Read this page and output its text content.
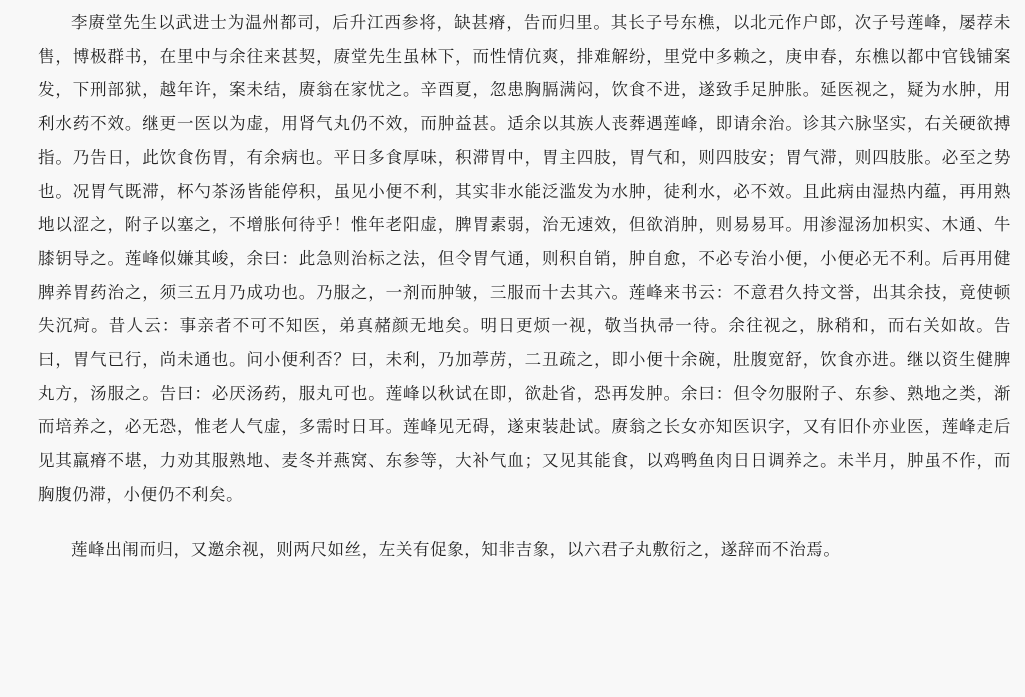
李赓堂先生以武进士为温州都司，后升江西参将，缺甚瘠，告而归里。其长子号东樵，以北元作户郎，次子号莲峰，屡荐未售，博极群书，在里中与余往来甚契，赓堂先生虽林下，而性情伉爽，排难解纷，里党中多赖之，庚申春，东樵以都中官钱铺案发，下刑部狱，越年许，案未结，赓翁在家忧之。辛酉夏，忽患胸膈满闷，饮食不进，遂致手足肿胀。延医视之，疑为水肿，用利水药不效。继更一医以为虚，用肾气丸仍不效，而肿益甚。适余以其族人丧葬遇莲峰，即请余治。诊其六脉坚实，右关硬欲搏指。乃告日，此饮食伤胃，有余病也。平日多食厚味，积滞胃中，胃主四肢，胃气和，则四肢安；胃气滞，则四肢胀。必至之势也。况胃气既滞，杯勺茶汤皆能停积，虽见小便不利，其实非水能泛滥发为水肿，徒利水，必不效。且此病由湿热内蕴，再用熟地以涩之，附子以塞之，不增胀何待乎！惟年老阳虚，脾胃素弱，治无速效，但欲消肿，则易易耳。用渗湿汤加枳实、木通、牛膝钥导之。莲峰似嫌其峻，余曰：此急则治标之法，但令胃气通，则积自销，肿自愈，不必专治小便，小便必无不利。后再用健脾养胃药治之，须三五月乃成功也。乃服之，一剂而肿皱，三服而十去其六。莲峰来书云：不意君久持文誉，出其余技，竟使顿失沉疴。昔人云：事亲者不可不知医，弟真赭颜无地矣。明日更烦一视，敬当执帚一待。余往视之，脉稍和，而右关如故。告曰，胃气已行，尚未通也。问小便利否？曰，未利，乃加葶苈，二丑疏之，即小便十余碗，肚腹宽舒，饮食亦进。继以资生健脾丸方，汤服之。告曰：必厌汤药，服丸可也。莲峰以秋试在即，欲赴省，恐再发肿。余曰：但令勿服附子、东参、熟地之类，渐而培养之，必无恐，惟老人气虚，多需时日耳。莲峰见无碍，遂束装赴试。赓翁之长女亦知医识字，又有旧仆亦业医，莲峰走后见其羸瘠不堪，力劝其服熟地、麦冬并燕窝、东参等，大补气血；又见其能食，以鸡鸭鱼肉日日调养之。未半月，肿虽不作，而胸腹仍滞，小便仍不利矣。

莲峰出闱而归，又邀余视，则两尺如丝，左关有促象，知非吉象，以六君子丸敷衍之，遂辞而不治焉。
